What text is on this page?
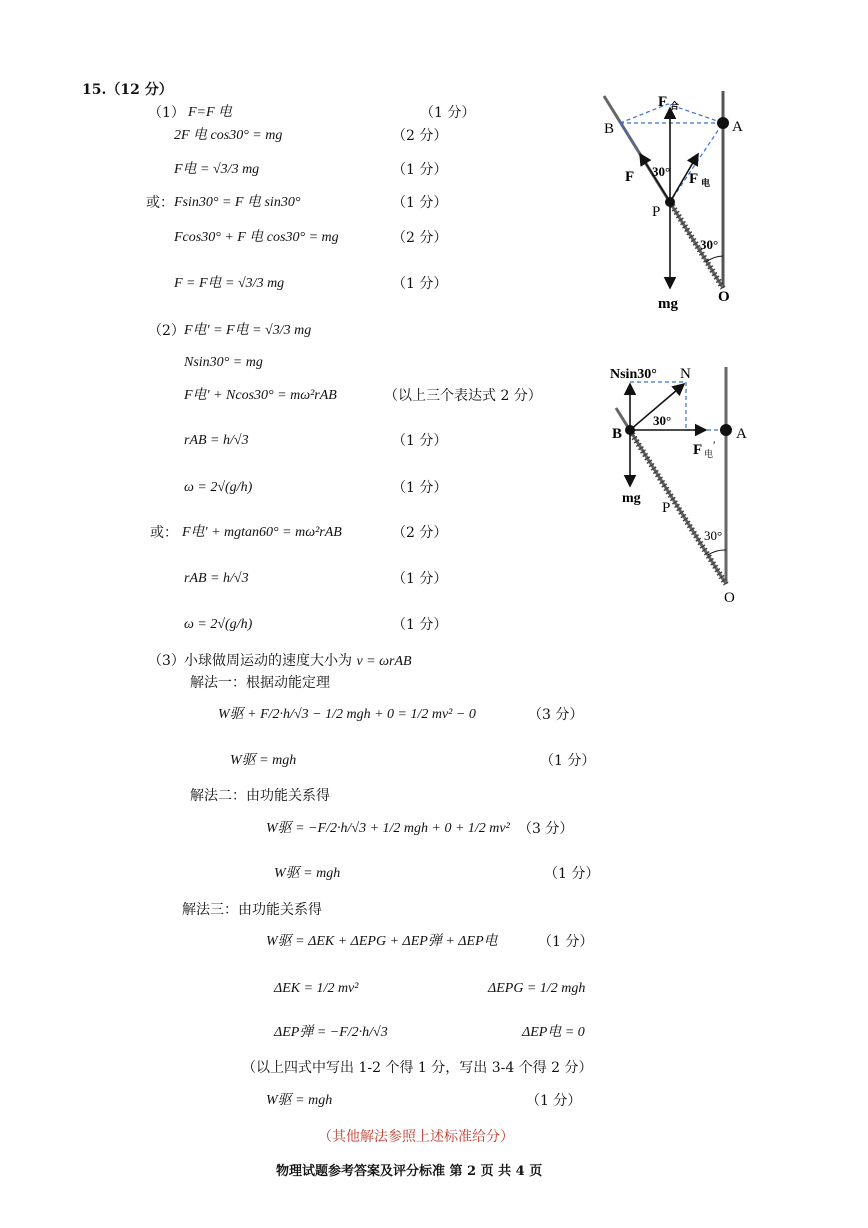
15.（12 分）
（1） F=F 电	（1 分）
2F 电 cos30° = mg	（2 分）
F电 = √3/3 mg	（1 分）
或： Fsin30° = F 电 sin30°	（1 分）
Fcos30° + F 电 cos30° = mg	（2 分）
F = F电 = √3/3 mg	（1 分）
（2） F电′ = F电 = √3/3 mg
Nsin30° = mg
F电′ + Ncos30° = mω²rAB	（以上三个表达式 2 分）
rAB = h/√3	（1 分）
ω = 2√(g/h)	（1 分）
或： F电′ + mgtan60° = mω²rAB	（2 分）
rAB = h/√3	（1 分）
ω = 2√(g/h)	（1 分）
（3） 小球做周运动的速度大小为 v = ωrAB
解法一：根据动能定理
W驱 + F/2·h/√3 − 1/2 mgh + 0 = 1/2 mv² − 0	（3 分）
W驱 = mgh	（1 分）
解法二：由功能关系得
W驱 = −F/2·h/√3 + 1/2 mgh + 0 + 1/2 mv² （3 分）
W驱 = mgh	（1 分）
解法三：由功能关系得
W驱 = ΔEK + ΔEPG + ΔEP弹 + ΔEP电	（1 分）
ΔEK = 1/2 mv²	ΔEPG = 1/2 mgh
ΔEP弹 = −F/2·h/√3	ΔEP电 = 0
（以上四式中写出 1-2 个得 1 分，写出 3-4 个得 2 分）
W驱 = mgh	（1 分）
（其他解法参照上述标准给分）
物理试题参考答案及评分标准 第 2 页 共 4 页
F 合
A
B
F	F 电
30°
P
30°
mg	O
Nsin30° N
B
30°
A
F 电
′
mg
P
30°
O
